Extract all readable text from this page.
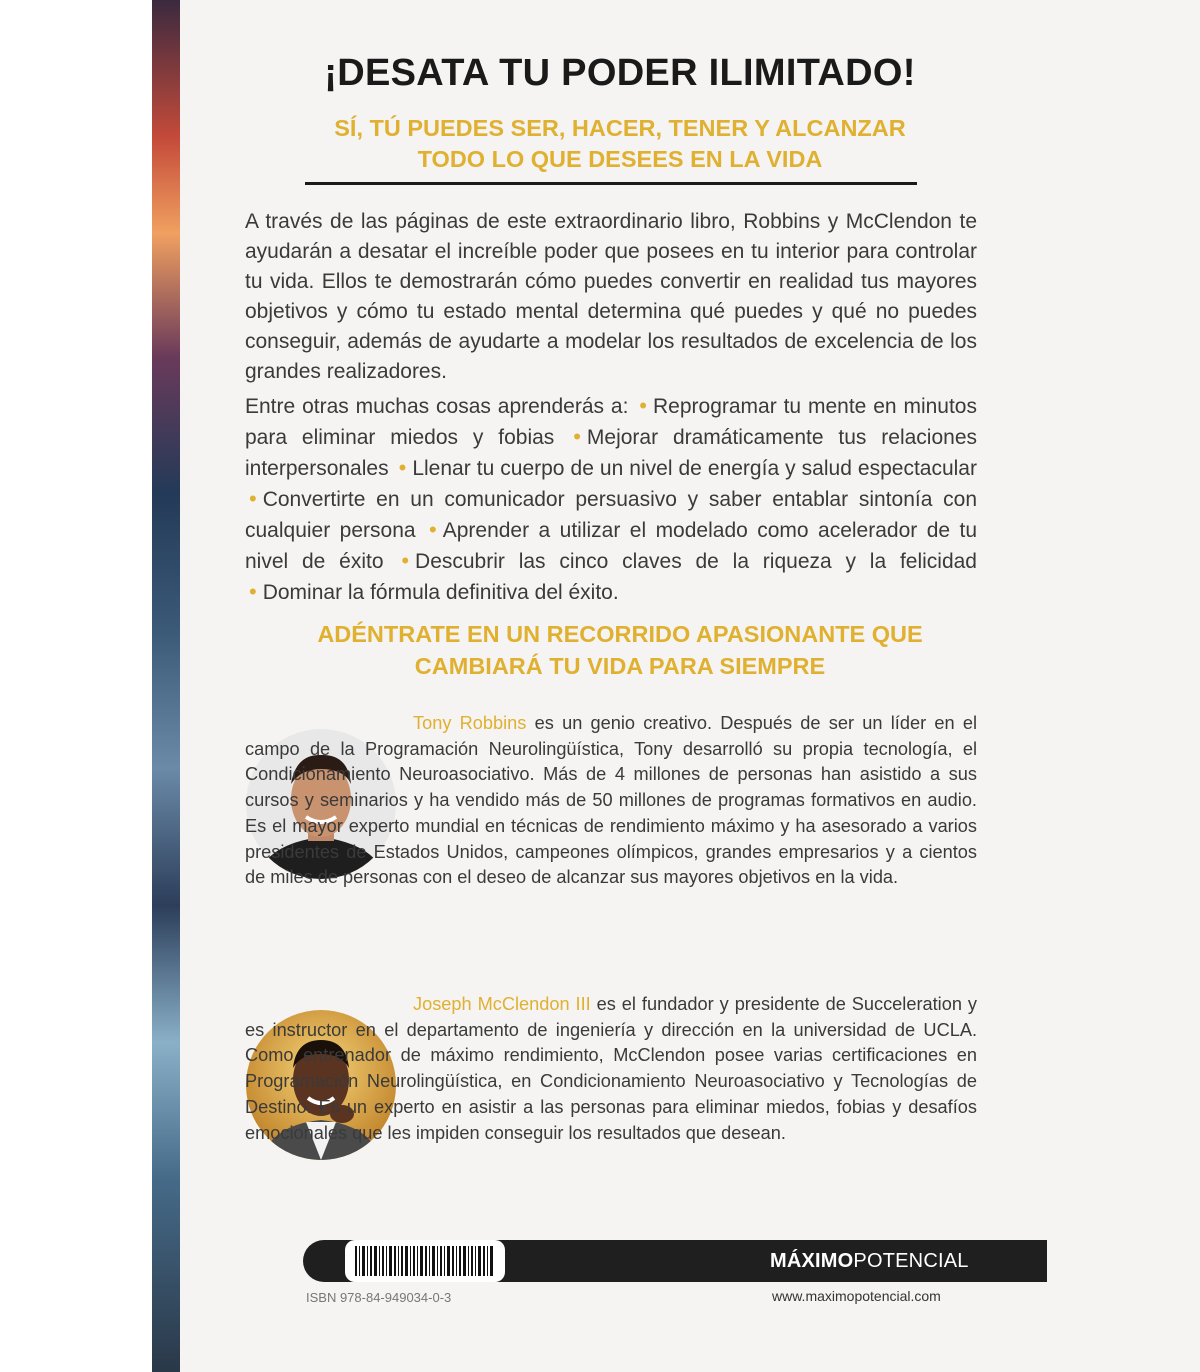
¡DESATA TU PODER ILIMITADO!
SÍ, TÚ PUEDES SER, HACER, TENER Y ALCANZAR
TODO LO QUE DESEES EN LA VIDA

A través de las páginas de este extraordinario libro, Robbins y McClendon te ayudarán a desatar el increíble poder que posees en tu interior para controlar tu vida. Ellos te demostrarán cómo puedes convertir en realidad tus mayores objetivos y cómo tu estado mental determina qué puedes y qué no puedes conseguir, además de ayudarte a modelar los resultados de excelencia de los grandes realizadores.

Entre otras muchas cosas aprenderás a: • Reprogramar tu mente en minutos para eliminar miedos y fobias • Mejorar dramáticamente tus relaciones interpersonales • Llenar tu cuerpo de un nivel de energía y salud espectacular • Convertirte en un comunicador persuasivo y saber entablar sintonía con cualquier persona • Aprender a utilizar el modelado como acelerador de tu nivel de éxito • Descubrir las cinco claves de la riqueza y la felicidad • Dominar la fórmula definitiva del éxito.

ADÉNTRATE EN UN RECORRIDO APASIONANTE QUE
CAMBIARÁ TU VIDA PARA SIEMPRE

Tony Robbins es un genio creativo. Después de ser un líder en el campo de la Programación Neurolingüística, Tony desarrolló su propia tecnología, el Condicionamiento Neuroasociativo. Más de 4 millones de personas han asistido a sus cursos y seminarios y ha vendido más de 50 millones de programas formativos en audio. Es el mayor experto mundial en técnicas de rendimiento máximo y ha asesorado a varios presidentes de Estados Unidos, campeones olímpicos, grandes empresarios y a cientos de miles de personas con el deseo de alcanzar sus mayores objetivos en la vida.

Joseph McClendon III es el fundador y presidente de Succeleration y es instructor en el departamento de ingeniería y dirección en la universidad de UCLA. Como entrenador de máximo rendimiento, McClendon posee varias certificaciones en Programación Neurolingüística, en Condicionamiento Neuroasociativo y Tecnologías de Destino. Es un experto en asistir a las personas para eliminar miedos, fobias y desafíos emocionales que les impiden conseguir los resultados que desean.

MÁXIMOPOTENCIAL
ISBN 978-84-949034-0-3	www.maximopotencial.com
